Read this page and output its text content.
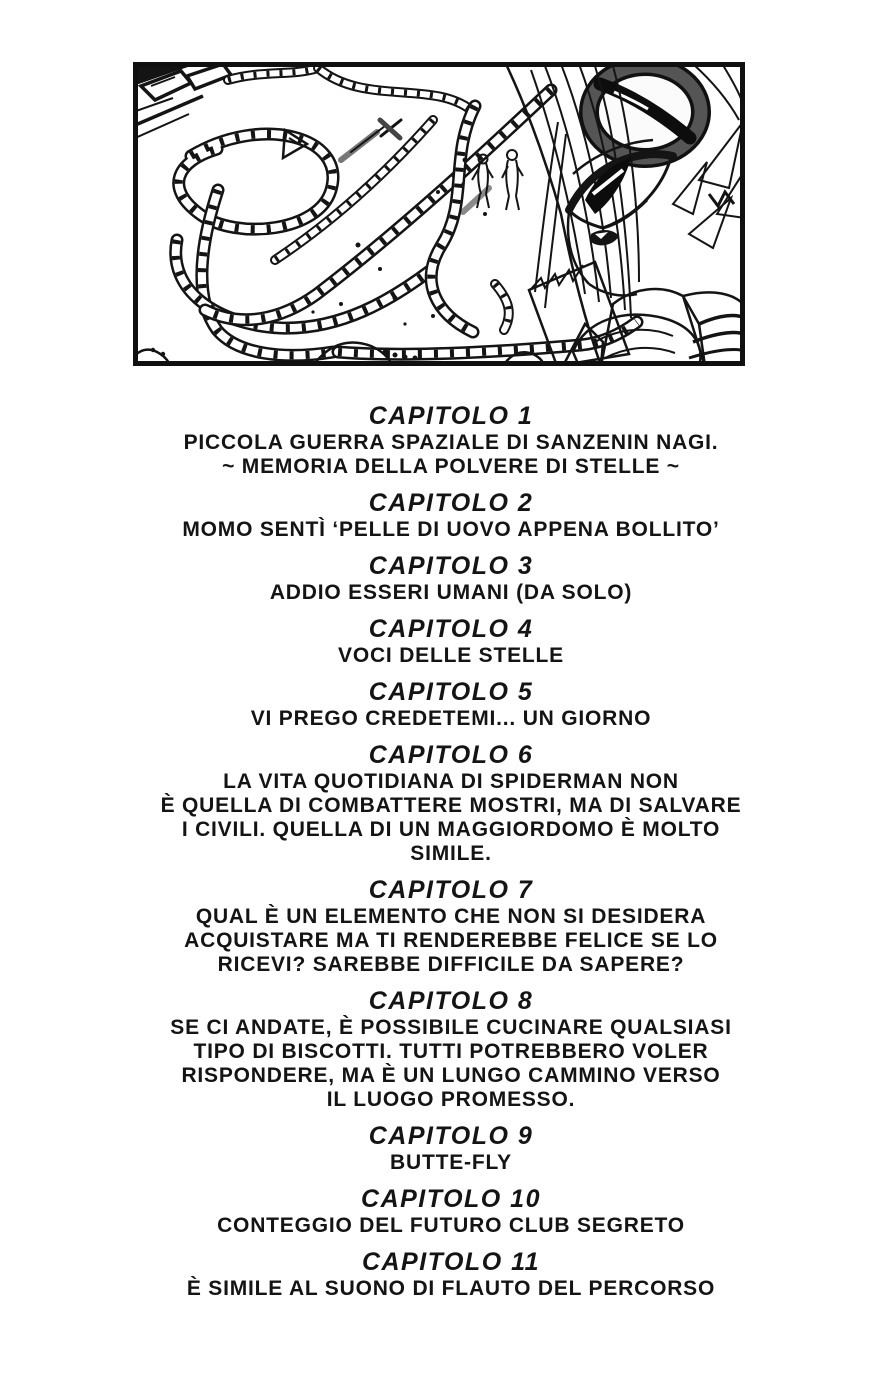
CAPITOLO 1
PICCOLA GUERRA SPAZIALE DI SANZENIN NAGI.
~ MEMORIA DELLA POLVERE DI STELLE ~
CAPITOLO 2
MOMO SENTÌ ‘PELLE DI UOVO APPENA BOLLITO’
CAPITOLO 3
ADDIO ESSERI UMANI (DA SOLO)
CAPITOLO 4
VOCI DELLE STELLE
CAPITOLO 5
VI PREGO CREDETEMI... UN GIORNO
CAPITOLO 6
LA VITA QUOTIDIANA DI SPIDERMAN NON
È QUELLA DI COMBATTERE MOSTRI, MA DI SALVARE
I CIVILI. QUELLA DI UN MAGGIORDOMO È MOLTO
SIMILE.
CAPITOLO 7
QUAL È UN ELEMENTO CHE NON SI DESIDERA
ACQUISTARE MA TI RENDEREBBE FELICE SE LO
RICEVI? SAREBBE DIFFICILE DA SAPERE?
CAPITOLO 8
SE CI ANDATE, È POSSIBILE CUCINARE QUALSIASI
TIPO DI BISCOTTI. TUTTI POTREBBERO VOLER
RISPONDERE, MA È UN LUNGO CAMMINO VERSO
IL LUOGO PROMESSO.
CAPITOLO 9
BUTTE-FLY
CAPITOLO 10
CONTEGGIO DEL FUTURO CLUB SEGRETO
CAPITOLO 11
È SIMILE AL SUONO DI FLAUTO DEL PERCORSO
